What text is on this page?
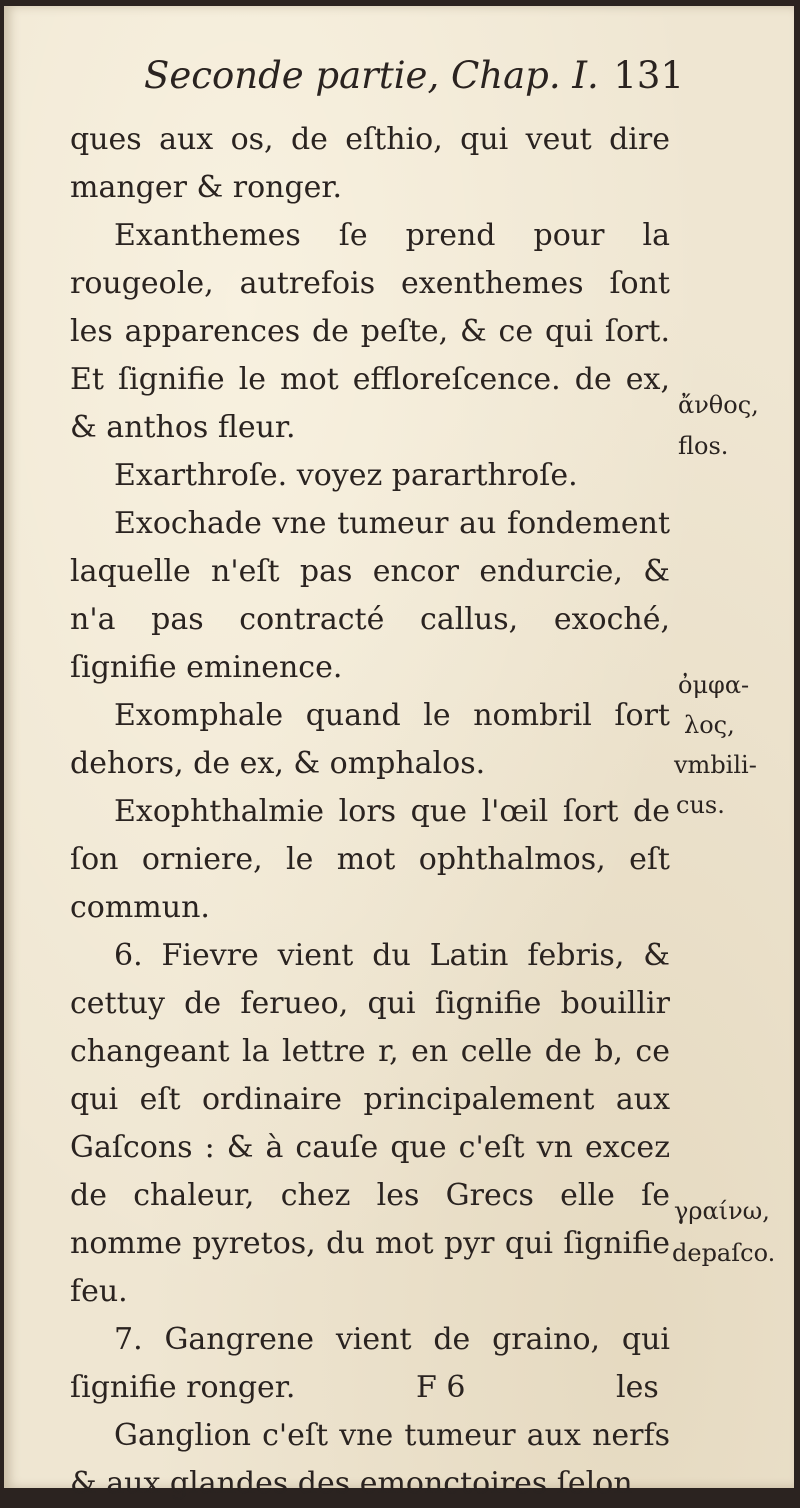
Seconde partie, Chap. I. 131

ques aux os, de eſthio, qui veut dire manger & ronger.

Exanthemes ſe prend pour la rougeole, autrefois exenthemes ſont les apparences de peſte, & ce qui ſort. Et ſignifie le mot effloreſcence. de ex, & anthos fleur.

Exarthroſe. voyez pararthroſe.

Exochade vne tumeur au fondement laquelle n'eſt pas encor endurcie, & n'a pas contracté callus, exoché, ſignifie eminence.

Exomphale quand le nombril ſort dehors, de ex, & omphalos.

Exophthalmie lors que l'œil ſort de ſon orniere, le mot ophthalmos, eſt commun.

6. Fievre vient du Latin febris, & cettuy de ferueo, qui ſignifie bouillir changeant la lettre r, en celle de b, ce qui eſt ordinaire principalement aux Gaſcons : & à cauſe que c'eſt vn excez de chaleur, chez les Grecs elle ſe nomme pyretos, du mot pyr qui ſignifie feu.

7. Gangrene vient de graino, qui ſignifie ronger.

Ganglion c'eſt vne tumeur aux nerfs & aux glandes des emonctoires ſelon

ἄνθος,
flos.
ὀμφα-
λος,
vmbili-
cus.
γραίνω,
depaſco.
F 6	les
